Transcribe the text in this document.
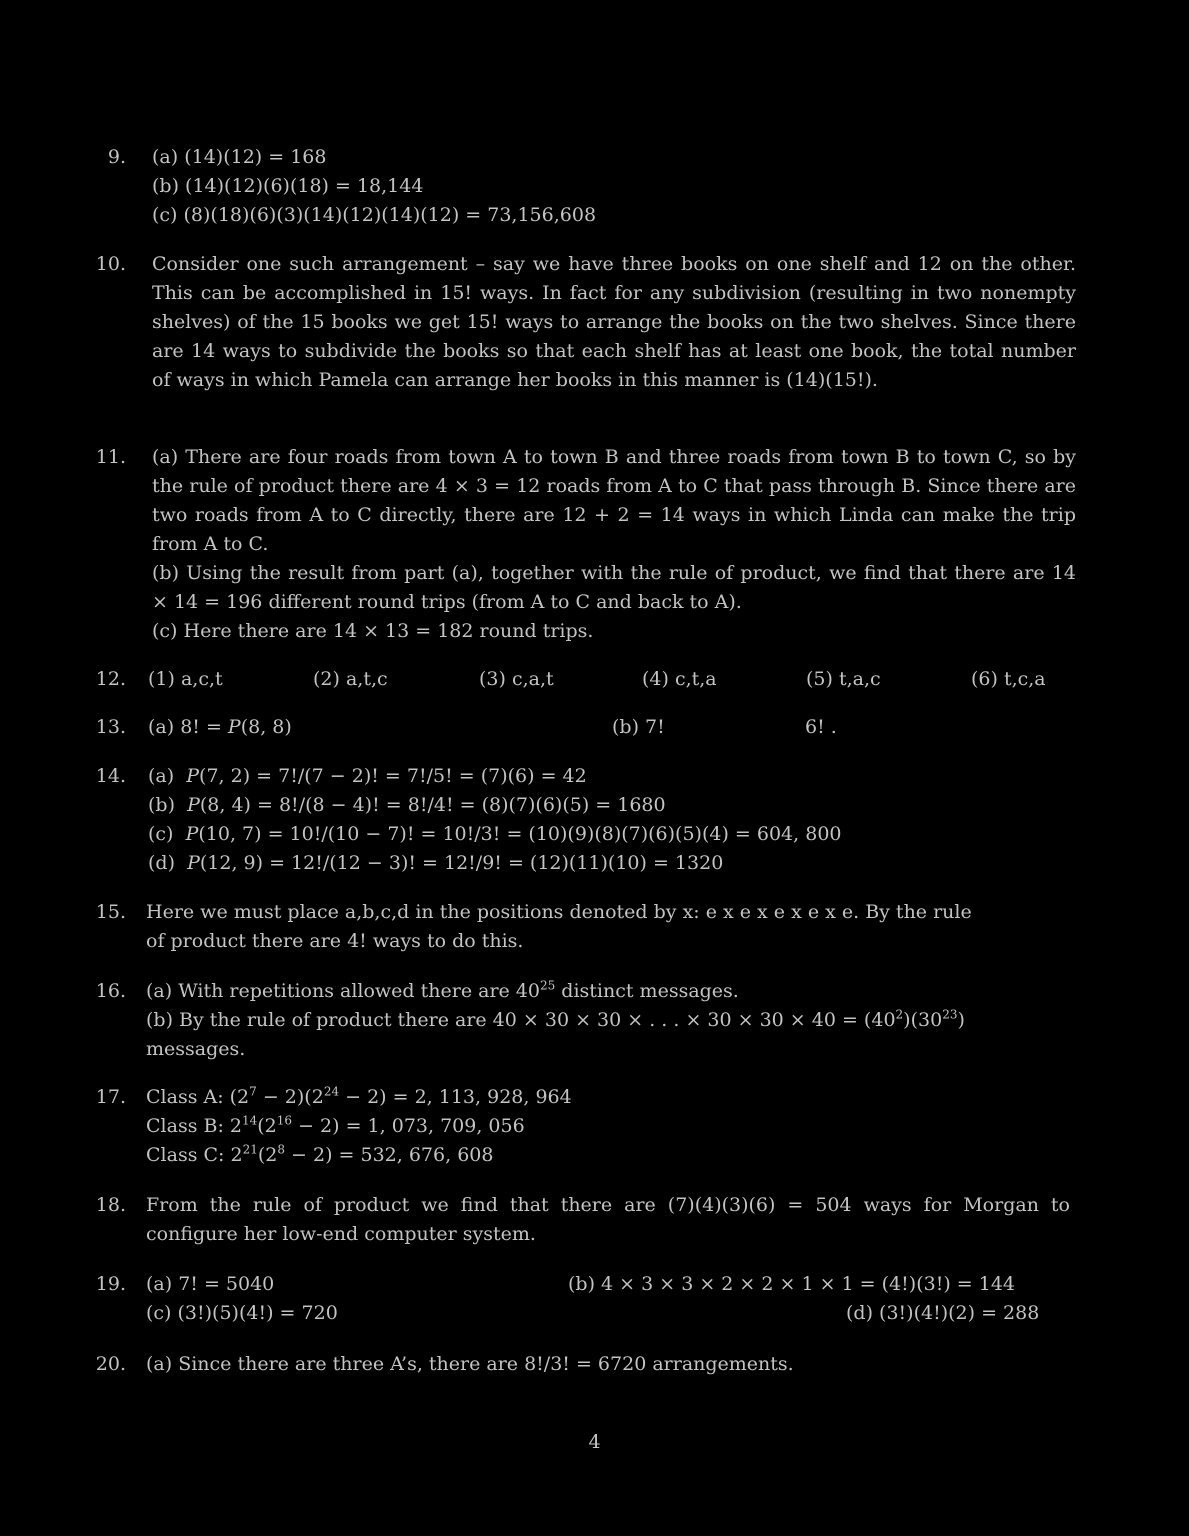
9. (a) (14)(12) = 168
(b) (14)(12)(6)(18) = 18,144
(c) (8)(18)(6)(3)(14)(12)(14)(12) = 73,156,608
10. Consider one such arrangement – say we have three books on one shelf and 12 on the other. This can be accomplished in 15! ways. In fact for any subdivision (resulting in two nonempty shelves) of the 15 books we get 15! ways to arrange the books on the two shelves. Since there are 14 ways to subdivide the books so that each shelf has at least one book, the total number of ways in which Pamela can arrange her books in this manner is (14)(15!).
11. (a) There are four roads from town A to town B and three roads from town B to town C, so by the rule of product there are 4 × 3 = 12 roads from A to C that pass through B. Since there are two roads from A to C directly, there are 12 + 2 = 14 ways in which Linda can make the trip from A to C.
(b) Using the result from part (a), together with the rule of product, we find that there are 14 × 14 = 196 different round trips (from A to C and back to A).
(c) Here there are 14 × 13 = 182 round trips.
12. (1) a,c,t	(2) a,t,c	(3) c,a,t	(4) c,t,a	(5) t,a,c	(6) t,c,a
13. (a) 8! = P(8, 8)	(b) 7!	6! .
14. (a) P(7, 2) = 7!/(7 − 2)! = 7!/5! = (7)(6) = 42
(b) P(8, 4) = 8!/(8 − 4)! = 8!/4! = (8)(7)(6)(5) = 1680
(c) P(10, 7) = 10!/(10 − 7)! = 10!/3! = (10)(9)(8)(7)(6)(5)(4) = 604, 800
(d) P(12, 9) = 12!/(12 − 3)! = 12!/9! = (12)(11)(10) = 1320
15. Here we must place a,b,c,d in the positions denoted by x: e x e x e x e x e. By the rule
of product there are 4! ways to do this.
16. (a) With repetitions allowed there are $40^{25}$ distinct messages.
(b) By the rule of product there are 40 × 30 × 30 × . . . × $30 \times 30 \times 40 = (40^2)(30^{23})$
messages.
17. Class A: $(2^7 - 2)(2^{24} - 2) = 2$, 113, 928, 964
Class B: $2^{14}(2^{16} - 2) = 1$, 073, 709, 056
Class C: $2^{21}(2^8 - 2) = 532$, 676, 608
18. From the rule of product we find that there are (7)(4)(3)(6) = 504 ways for Morgan to configure her low-end computer system.
19. (a) 7! = 5040	(b) 4 × 3 × 3 × 2 × 2 × 1 × 1 = (4!)(3!) = 144
(c) (3!)(5)(4!) = 720	(d) (3!)(4!)(2) = 288
20. (a) Since there are three A’s, there are 8!/3! = 6720 arrangements.
4
